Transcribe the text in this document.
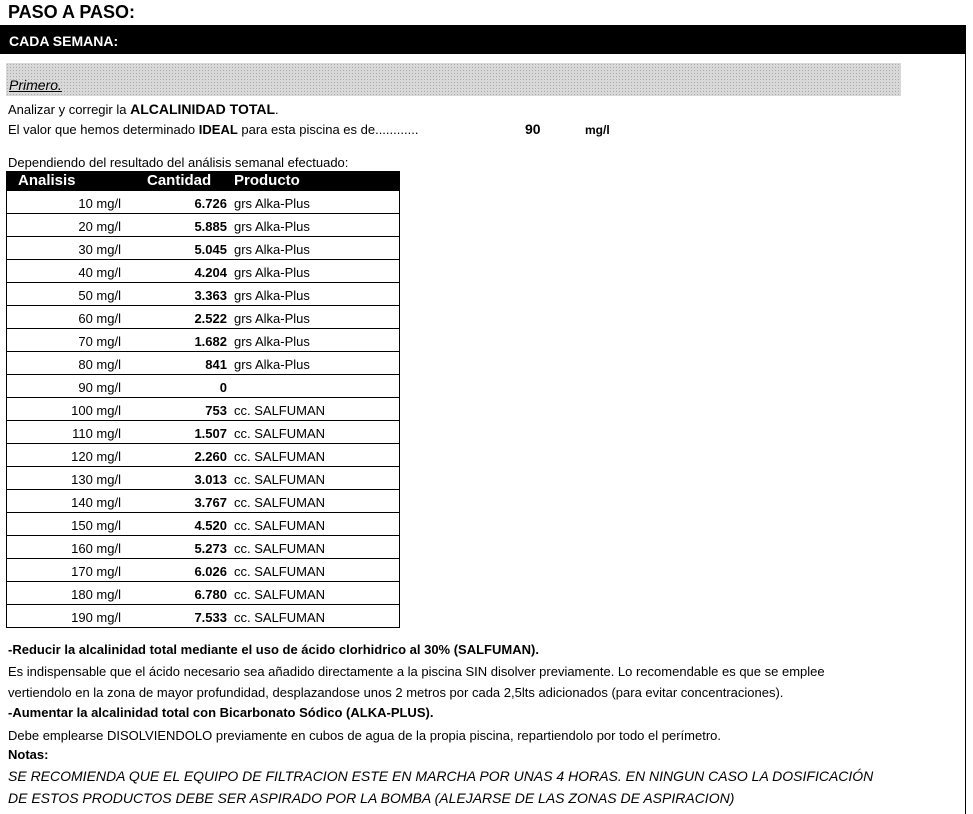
PASO A PASO:
CADA SEMANA:
Primero.
Analizar y corregir la ALCALINIDAD TOTAL.
El valor que hemos determinado IDEAL para esta piscina es de............	90	mg/l
Dependiendo del resultado del análisis semanal efectuado:
Analisis	Cantidad Producto
10 mg/l	6.726 grs Alka-Plus
20 mg/l	5.885 grs Alka-Plus
30 mg/l	5.045 grs Alka-Plus
40 mg/l	4.204 grs Alka-Plus
50 mg/l	3.363 grs Alka-Plus
60 mg/l	2.522 grs Alka-Plus
70 mg/l	1.682 grs Alka-Plus
80 mg/l	841 grs Alka-Plus
90 mg/l	0
100 mg/l	753 cc. SALFUMAN
110 mg/l	1.507 cc. SALFUMAN
120 mg/l	2.260 cc. SALFUMAN
130 mg/l	3.013 cc. SALFUMAN
140 mg/l	3.767 cc. SALFUMAN
150 mg/l	4.520 cc. SALFUMAN
160 mg/l	5.273 cc. SALFUMAN
170 mg/l	6.026 cc. SALFUMAN
180 mg/l	6.780 cc. SALFUMAN
190 mg/l	7.533 cc. SALFUMAN
-Reducir la alcalinidad total mediante el uso de ácido clorhidrico al 30% (SALFUMAN).
Es indispensable que el ácido necesario sea añadido directamente a la piscina SIN disolver previamente. Lo recomendable es que se emplee
vertiendolo en la zona de mayor profundidad, desplazandose unos 2 metros por cada 2,5lts adicionados (para evitar concentraciones).
-Aumentar la alcalinidad total con Bicarbonato Sódico (ALKA-PLUS).
Debe emplearse DISOLVIENDOLO previamente en cubos de agua de la propia piscina, repartiendolo por todo el perímetro.
Notas:
SE RECOMIENDA QUE EL EQUIPO DE FILTRACION ESTE EN MARCHA POR UNAS 4 HORAS. EN NINGUN CASO LA DOSIFICACIÓN
DE ESTOS PRODUCTOS DEBE SER ASPIRADO POR LA BOMBA (ALEJARSE DE LAS ZONAS DE ASPIRACION)
